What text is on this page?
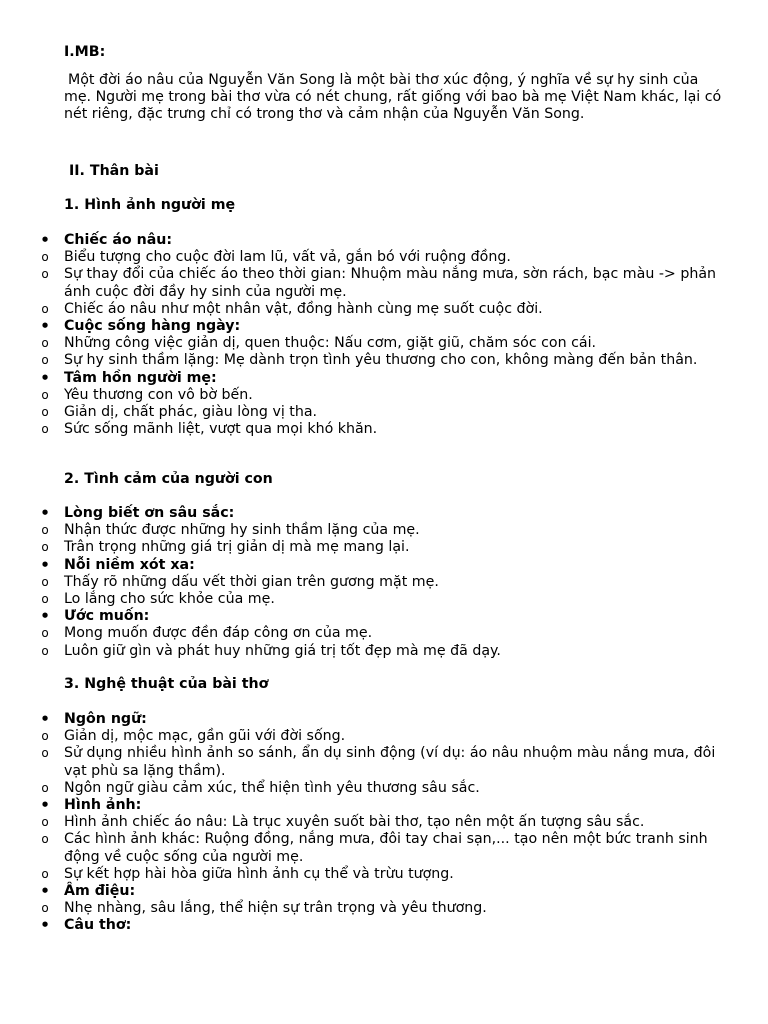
I.MB:

Một đời áo nâu của Nguyễn Văn Song là một bài thơ xúc động, ý nghĩa về sự hy sinh của mẹ. Người mẹ trong bài thơ vừa có nét chung, rất giống với bao bà mẹ Việt Nam khác, lại có nét riêng, đặc trưng chỉ có trong thơ và cảm nhận của Nguyễn Văn Song.

II. Thân bài
1. Hình ảnh người mẹ
• Chiếc áo nâu:
o Biểu tượng cho cuộc đời lam lũ, vất vả, gắn bó với ruộng đồng.
o Sự thay đổi của chiếc áo theo thời gian: Nhuộm màu nắng mưa, sờn rách, bạc màu -> phản ánh cuộc đời đầy hy sinh của người mẹ.
o Chiếc áo nâu như một nhân vật, đồng hành cùng mẹ suốt cuộc đời.
• Cuộc sống hàng ngày:
o Những công việc giản dị, quen thuộc: Nấu cơm, giặt giũ, chăm sóc con cái.
o Sự hy sinh thầm lặng: Mẹ dành trọn tình yêu thương cho con, không màng đến bản thân.
• Tâm hồn người mẹ:
o Yêu thương con vô bờ bến.
o Giản dị, chất phác, giàu lòng vị tha.
o Sức sống mãnh liệt, vượt qua mọi khó khăn.
2. Tình cảm của người con
• Lòng biết ơn sâu sắc:
o Nhận thức được những hy sinh thầm lặng của mẹ.
o Trân trọng những giá trị giản dị mà mẹ mang lại.
• Nỗi niềm xót xa:
o Thấy rõ những dấu vết thời gian trên gương mặt mẹ.
o Lo lắng cho sức khỏe của mẹ.
• Ước muốn:
o Mong muốn được đền đáp công ơn của mẹ.
o Luôn giữ gìn và phát huy những giá trị tốt đẹp mà mẹ đã dạy.
3. Nghệ thuật của bài thơ
• Ngôn ngữ:
o Giản dị, mộc mạc, gần gũi với đời sống.
o Sử dụng nhiều hình ảnh so sánh, ẩn dụ sinh động (ví dụ: áo nâu nhuộm màu nắng mưa, đôi vạt phù sa lặng thầm).
o Ngôn ngữ giàu cảm xúc, thể hiện tình yêu thương sâu sắc.
• Hình ảnh:
o Hình ảnh chiếc áo nâu: Là trục xuyên suốt bài thơ, tạo nên một ấn tượng sâu sắc.
o Các hình ảnh khác: Ruộng đồng, nắng mưa, đôi tay chai sạn,... tạo nên một bức tranh sinh động về cuộc sống của người mẹ.
o Sự kết hợp hài hòa giữa hình ảnh cụ thể và trừu tượng.
• Âm điệu:
o Nhẹ nhàng, sâu lắng, thể hiện sự trân trọng và yêu thương.
• Câu thơ:
